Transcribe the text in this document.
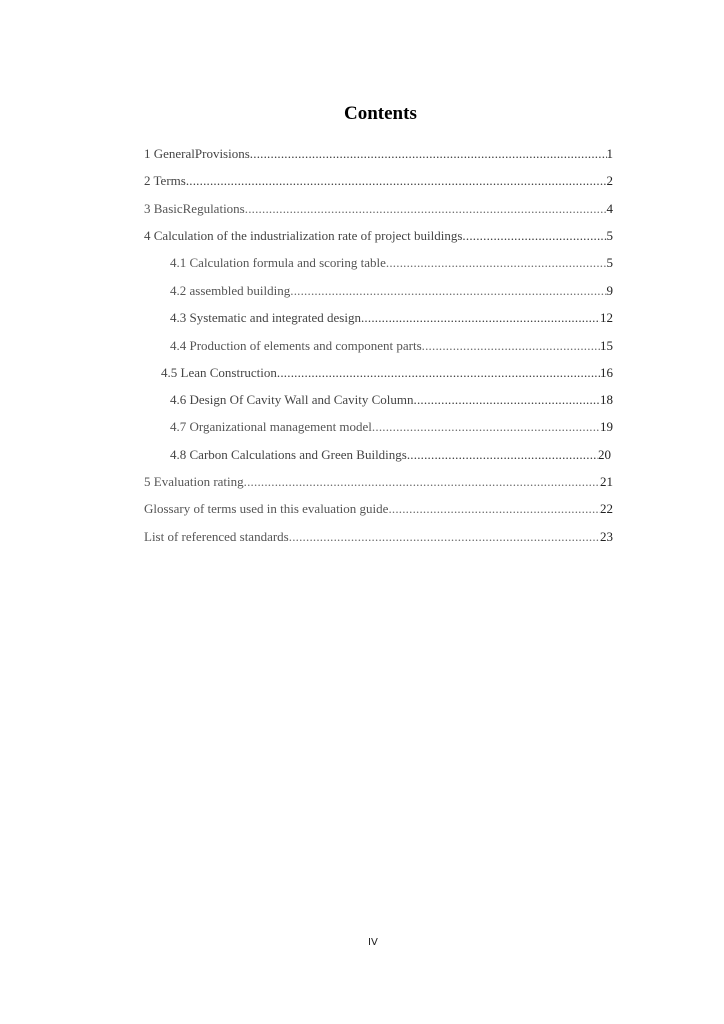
Contents
1 GeneralProvisions .....	1
2 Terms .....	2
3 BasicRegulations .....	4
4 Calculation of the industrialization rate of project buildings .....	5
4.1 Calculation formula and scoring table .....	5
4.2 assembled building .....	9
4.3 Systematic and integrated design .....	12
4.4 Production of elements and component parts .....	15
4.5 Lean Construction .....	16
4.6 Design Of Cavity Wall and Cavity Column .....	18
4.7 Organizational management model .....	19
4.8 Carbon Calculations and Green Buildings .....	20
5 Evaluation rating .....	21
Glossary of terms used in this evaluation guide .....	22
List of referenced standards .....	23
IV
